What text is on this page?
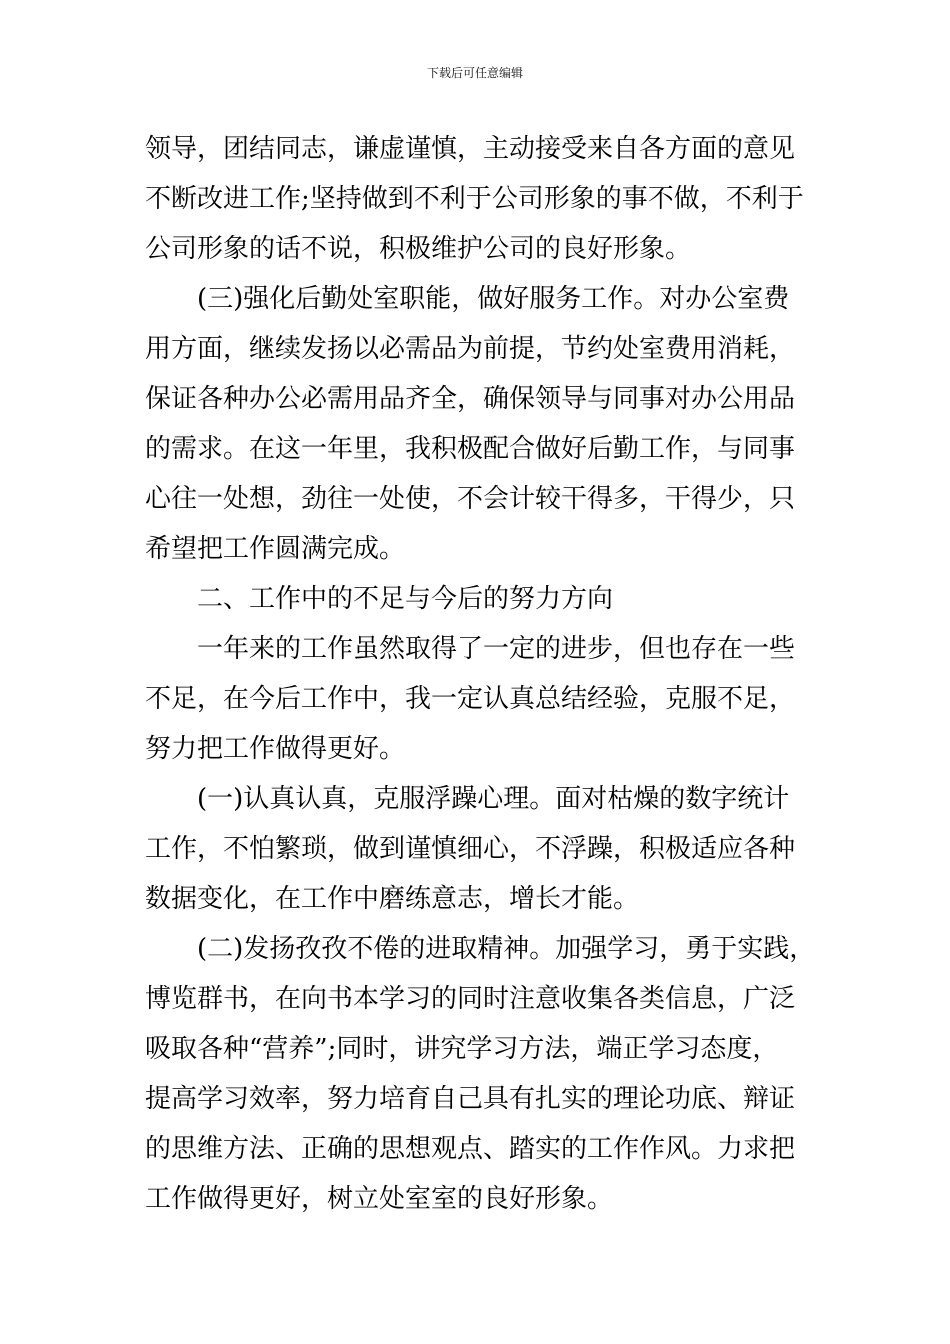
下载后可任意编辑
领导，团结同志，谦虚谨慎，主动接受来自各方面的意见
不断改进工作;坚持做到不利于公司形象的事不做，不利于
公司形象的话不说，积极维护公司的良好形象。
(三)强化后勤处室职能，做好服务工作。对办公室费
用方面，继续发扬以必需品为前提，节约处室费用消耗，
保证各种办公必需用品齐全，确保领导与同事对办公用品
的需求。在这一年里，我积极配合做好后勤工作，与同事
心往一处想，劲往一处使，不会计较干得多，干得少，只
希望把工作圆满完成。
二、工作中的不足与今后的努力方向
一年来的工作虽然取得了一定的进步，但也存在一些
不足，在今后工作中，我一定认真总结经验，克服不足，
努力把工作做得更好。
(一)认真认真，克服浮躁心理。面对枯燥的数字统计
工作，不怕繁琐，做到谨慎细心，不浮躁，积极适应各种
数据变化，在工作中磨练意志，增长才能。
(二)发扬孜孜不倦的进取精神。加强学习，勇于实践，
博览群书，在向书本学习的同时注意收集各类信息，广泛
吸取各种“营养”;同时，讲究学习方法，端正学习态度，
提高学习效率，努力培育自己具有扎实的理论功底、辩证
的思维方法、正确的思想观点、踏实的工作作风。力求把
工作做得更好，树立处室室的良好形象。
